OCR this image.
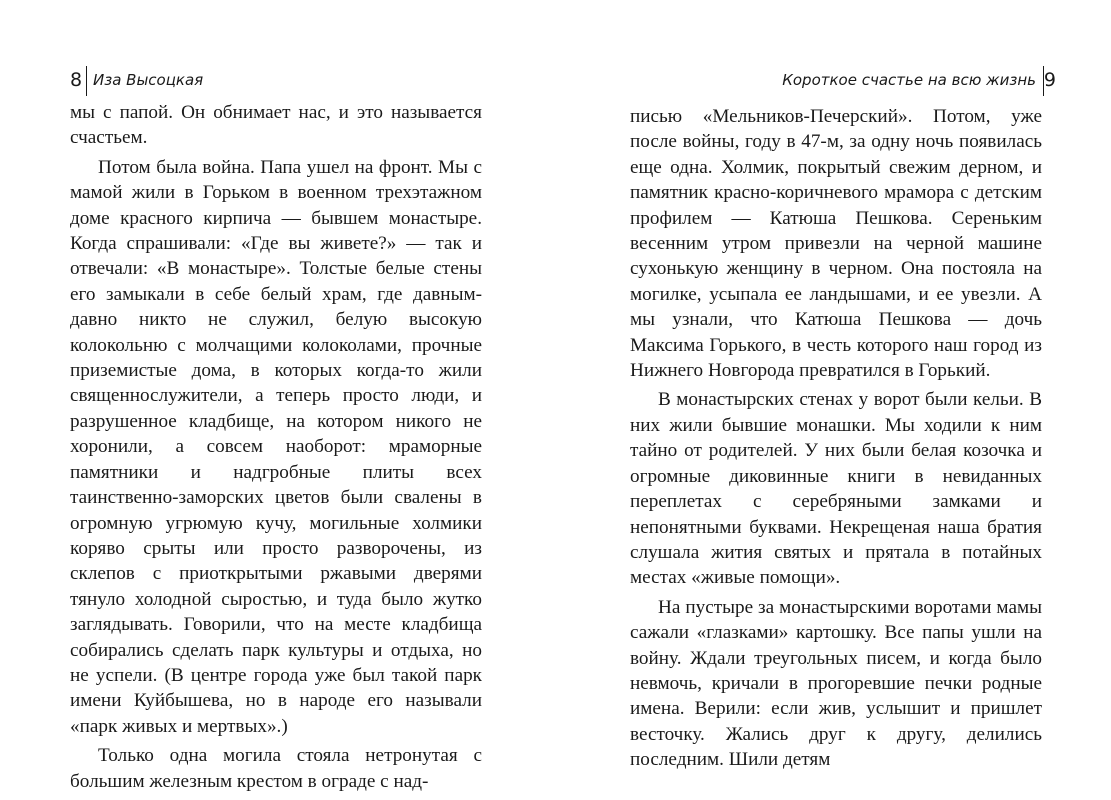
8 Иза Высоцкая

мы с папой. Он обнимает нас, и это называется счастьем.

Потом была война. Папа ушел на фронт. Мы с мамой жили в Горьком в военном трехэтажном доме красного кирпича — бывшем монастыре. Когда спрашивали: «Где вы живете?» — так и отвечали: «В монастыре». Толстые белые стены его замыкали в себе белый храм, где давным-давно никто не служил, белую высокую колокольню с молчащими колоколами, прочные приземистые дома, в которых когда-то жили священнослужители, а теперь просто люди, и разрушенное кладбище, на котором никого не хоронили, а совсем наоборот: мраморные памятники и надгробные плиты всех таинственно-заморских цветов были свалены в огромную угрюмую кучу, могильные холмики коряво срыты или просто разворочены, из склепов с приоткрытыми ржавыми дверями тянуло холодной сыростью, и туда было жутко заглядывать. Говорили, что на месте кладбища собирались сделать парк культуры и отдыха, но не успели. (В центре города уже был такой парк имени Куйбышева, но в народе его называли «парк живых и мертвых».)

Только одна могила стояла нетронутая с большим железным крестом в ограде с над-

Короткое счастье на всю жизнь 9

писью «Мельников-Печерский». Потом, уже после войны, году в 47-м, за одну ночь появилась еще одна. Холмик, покрытый свежим дерном, и памятник красно-коричневого мрамора с детским профилем — Катюша Пешкова. Сереньким весенним утром привезли на черной машине сухонькую женщину в черном. Она постояла на могилке, усыпала ее ландышами, и ее увезли. А мы узнали, что Катюша Пешкова — дочь Максима Горького, в честь которого наш город из Нижнего Новгорода превратился в Горький.

В монастырских стенах у ворот были кельи. В них жили бывшие монашки. Мы ходили к ним тайно от родителей. У них были белая козочка и огромные диковинные книги в невиданных переплетах с серебряными замками и непонятными буквами. Некрещеная наша братия слушала жития святых и прятала в потайных местах «живые помощи».

На пустыре за монастырскими воротами мамы сажали «глазками» картошку. Все папы ушли на войну. Ждали треугольных писем, и когда было невмочь, кричали в прогоревшие печки родные имена. Верили: если жив, услышит и пришлет весточку. Жались друг к другу, делились последним. Шили детям
